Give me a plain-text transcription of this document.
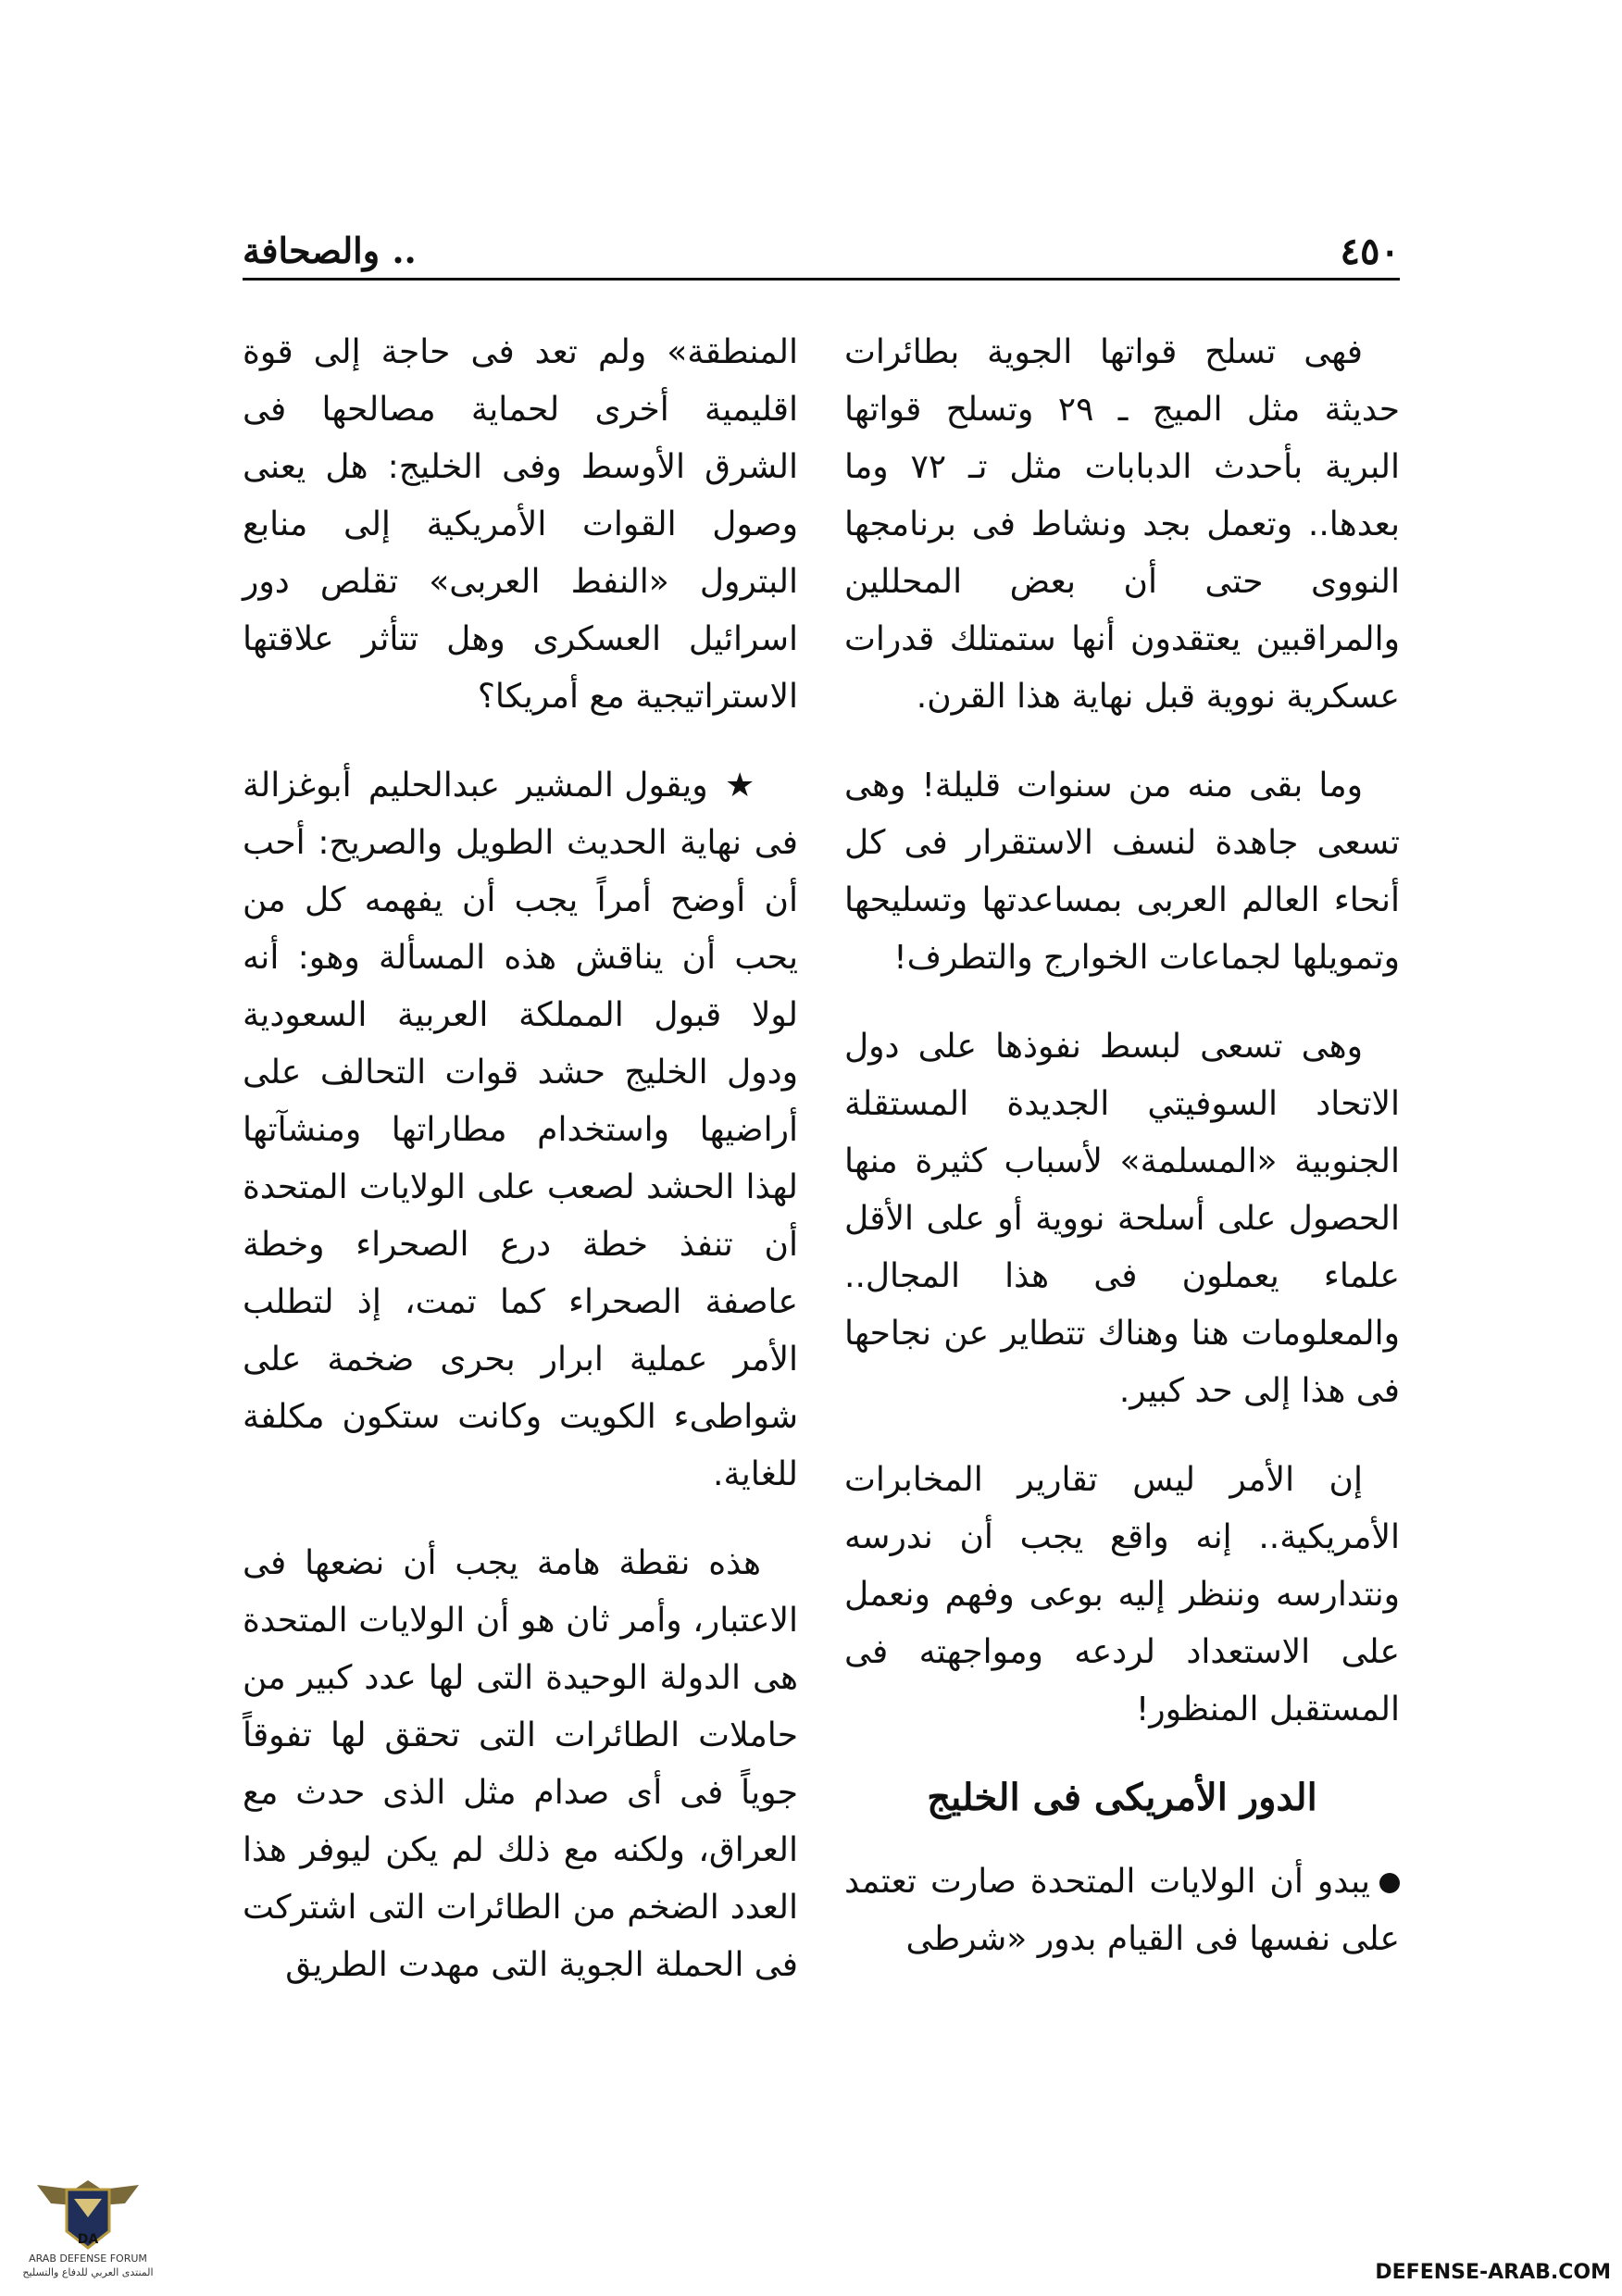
٤٥٠
.. والصحافة

فهى تسلح قواتها الجوية بطائرات حديثة مثل الميج ـ ٢٩ وتسلح قواتها البرية بأحدث الدبابات مثل تـ ٧٢ وما بعدها.. وتعمل بجد ونشاط فى برنامجها النووى حتى أن بعض المحللين والمراقبين يعتقدون أنها ستمتلك قدرات عسكرية نووية قبل نهاية هذا القرن.

وما بقى منه من سنوات قليلة! وهى تسعى جاهدة لنسف الاستقرار فى كل أنحاء العالم العربى بمساعدتها وتسليحها وتمويلها لجماعات الخوارج والتطرف!

وهى تسعى لبسط نفوذها على دول الاتحاد السوفيتي الجديدة المستقلة الجنوبية «المسلمة» لأسباب كثيرة منها الحصول على أسلحة نووية أو على الأقل علماء يعملون فى هذا المجال.. والمعلومات هنا وهناك تتطاير عن نجاحها فى هذا إلى حد كبير.

إن الأمر ليس تقارير المخابرات الأمريكية.. إنه واقع يجب أن ندرسه ونتدارسه وننظر إليه بوعى وفهم ونعمل على الاستعداد لردعه ومواجهته فى المستقبل المنظور!

الدور الأمريكى فى الخليج

يبدو أن الولايات المتحدة صارت تعتمد على نفسها فى القيام بدور «شرطى

المنطقة» ولم تعد فى حاجة إلى قوة اقليمية أخرى لحماية مصالحها فى الشرق الأوسط وفى الخليج: هل يعنى وصول القوات الأمريكية إلى منابع البترول «النفط العربى» تقلص دور اسرائيل العسكرى وهل تتأثر علاقتها الاستراتيجية مع أمريكا؟

★ ويقول المشير عبدالحليم أبوغزالة فى نهاية الحديث الطويل والصريح: أحب أن أوضح أمراً يجب أن يفهمه كل من يحب أن يناقش هذه المسألة وهو: أنه لولا قبول المملكة العربية السعودية ودول الخليج حشد قوات التحالف على أراضيها واستخدام مطاراتها ومنشآتها لهذا الحشد لصعب على الولايات المتحدة أن تنفذ خطة درع الصحراء وخطة عاصفة الصحراء كما تمت، إذ لتطلب الأمر عملية ابرار بحرى ضخمة على شواطىء الكويت وكانت ستكون مكلفة للغاية.

هذه نقطة هامة يجب أن نضعها فى الاعتبار، وأمر ثان هو أن الولايات المتحدة هى الدولة الوحيدة التى لها عدد كبير من حاملات الطائرات التى تحقق لها تفوقاً جوياً فى أى صدام مثل الذى حدث مع العراق، ولكنه مع ذلك لم يكن ليوفر هذا العدد الضخم من الطائرات التى اشتركت فى الحملة الجوية التى مهدت الطريق

DA
ARAB DEFENSE FORUM
المنتدى العربي للدفاع والتسليح	DEFENSE-ARAB.COM
